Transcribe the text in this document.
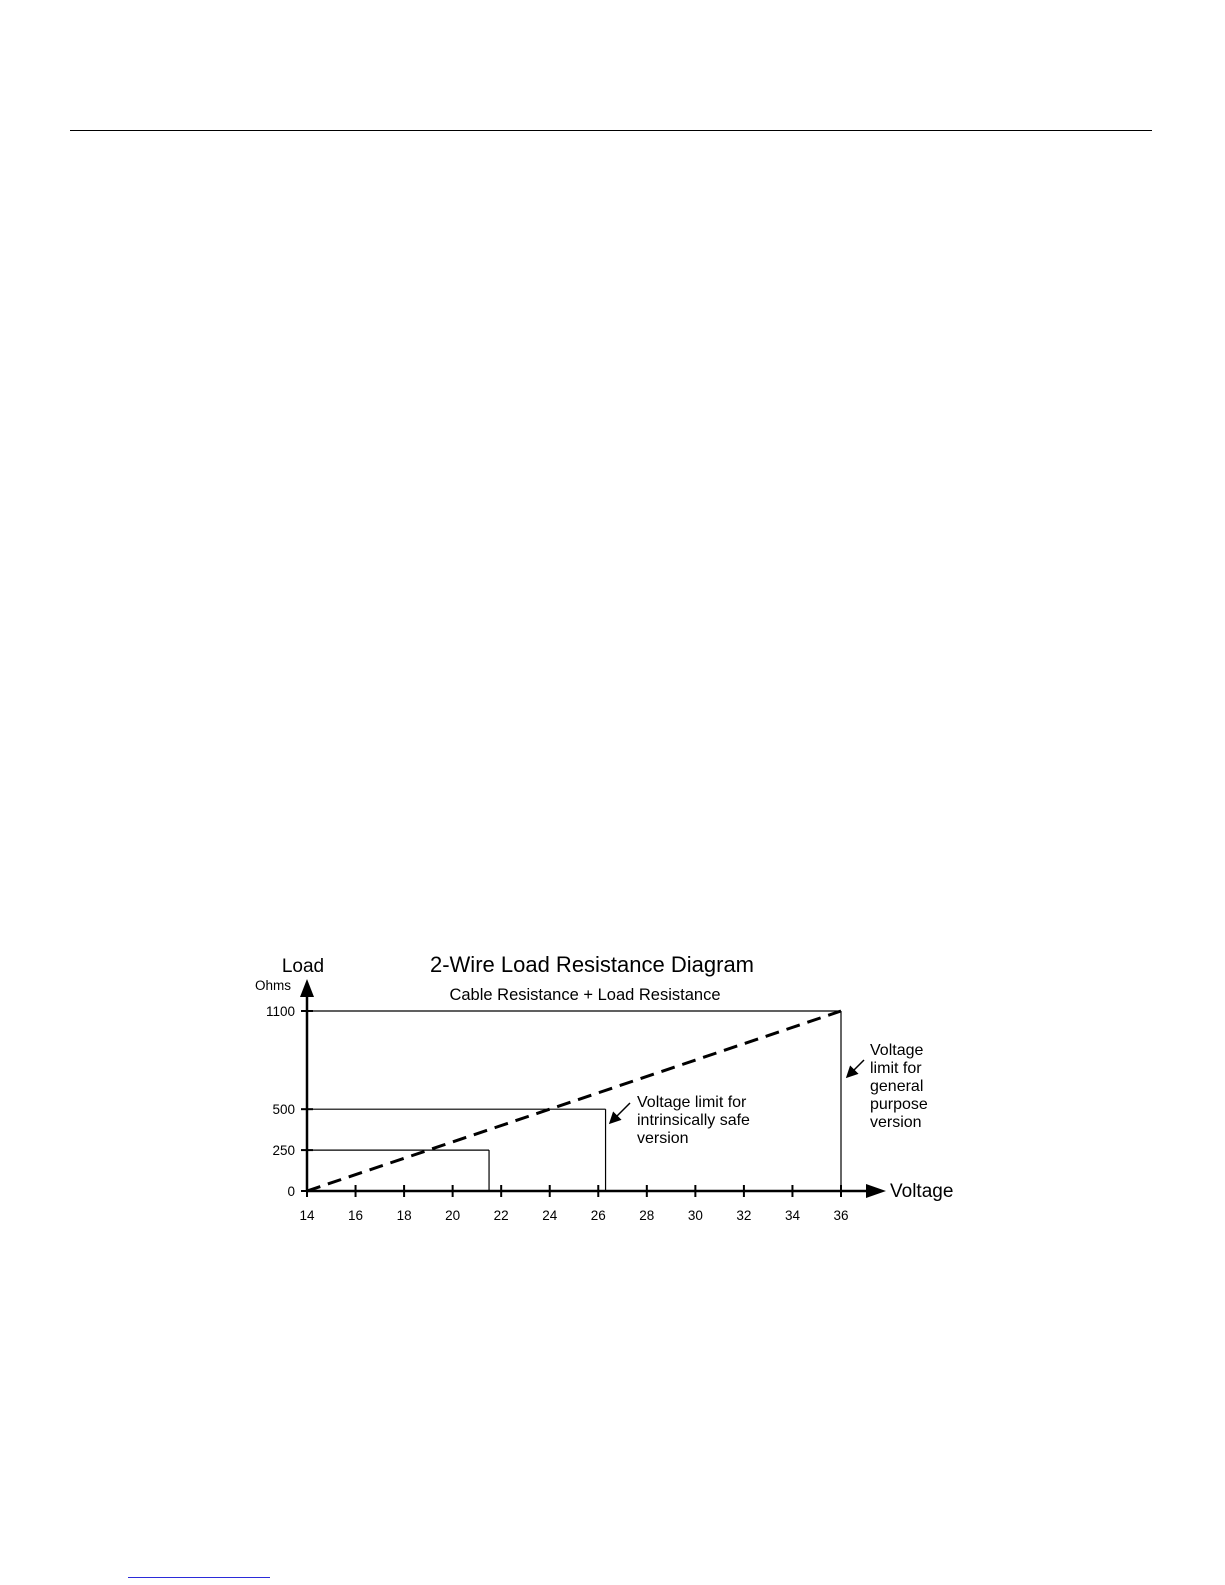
2-Wire Load Resistance Diagram
Cable Resistance + Load Resistance
Load
Ohms
Voltage
14 16 18 20 22 24 26 28 30 32 34 36
0
250
500
1100
Voltage limit for intrinsically safe version
Voltage limit for general purpose version
